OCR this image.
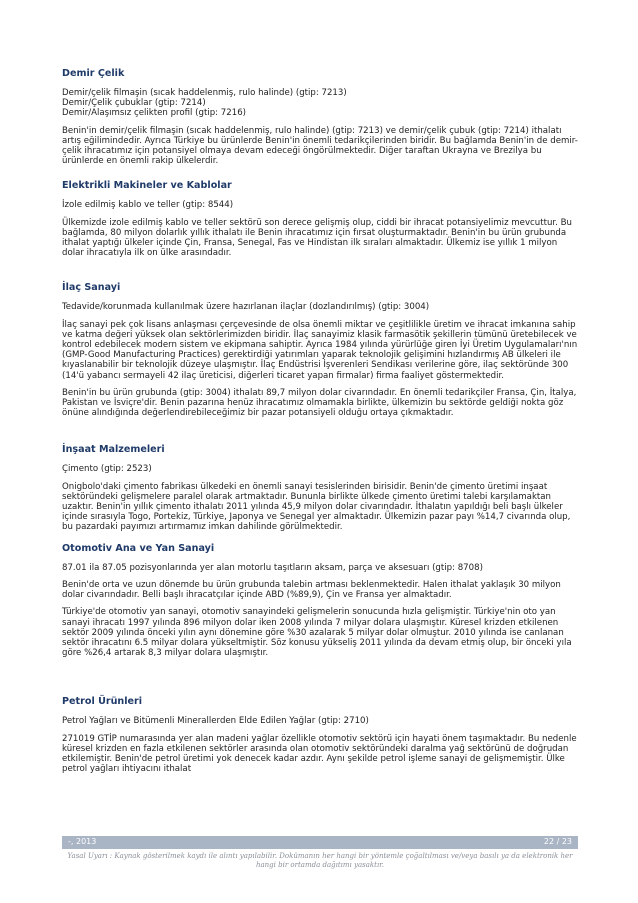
Demir Çelik

Demir/çelik filmaşin (sıcak haddelenmiş, rulo halinde) (gtip: 7213)

Demir/Çelik çubuklar (gtip: 7214)

Demir/Alaşımsız çelikten profil (gtip: 7216)

Benin'in demir/çelik filmaşin (sıcak haddelenmiş, rulo halinde) (gtip: 7213) ve demir/çelik çubuk (gtip: 7214) ithalatı artış eğilimindedir. Ayrıca Türkiye bu ürünlerde Benin'in önemli tedarikçilerinden biridir. Bu bağlamda Benin'in de demir-çelik ihracatımız için potansiyel olmaya devam edeceği öngörülmektedir. Diğer taraftan Ukrayna ve Brezilya bu ürünlerde en önemli rakip ülkelerdir.

Elektrikli Makineler ve Kablolar

İzole edilmiş kablo ve teller (gtip: 8544)

Ülkemizde izole edilmiş kablo ve teller sektörü son derece gelişmiş olup, ciddi bir ihracat potansiyelimiz mevcuttur. Bu bağlamda, 80 milyon dolarlık yıllık ithalatı ile Benin ihracatımız için fırsat oluşturmaktadır. Benin'in bu ürün grubunda ithalat yaptığı ülkeler içinde Çin, Fransa, Senegal, Fas ve Hindistan ilk sıraları almaktadır. Ülkemiz ise yıllık 1 milyon dolar ihracatıyla ilk on ülke arasındadır.

İlaç Sanayi

Tedavide/korunmada kullanılmak üzere hazırlanan ilaçlar (dozlandırılmış) (gtip: 3004)

İlaç sanayi pek çok lisans anlaşması çerçevesinde de olsa önemli miktar ve çeşitlilikle üretim ve ihracat imkanına sahip ve katma değeri yüksek olan sektörlerimizden biridir. İlaç sanayimiz klasik farmasötik şekillerin tümünü üretebilecek ve kontrol edebilecek modern sistem ve ekipmana sahiptir. Ayrıca 1984 yılında yürürlüğe giren İyi Üretim Uygulamaları'nın (GMP-Good Manufacturing Practices) gerektirdiği yatırımları yaparak teknolojik gelişimini hızlandırmış AB ülkeleri ile kıyaslanabilir bir teknolojik düzeye ulaşmıştır. İlaç Endüstrisi İşverenleri Sendikası verilerine göre, ilaç sektöründe 300 (14'ü yabancı sermayeli 42 ilaç üreticisi, diğerleri ticaret yapan firmalar) firma faaliyet göstermektedir.

Benin'in bu ürün grubunda (gtip: 3004) ithalatı 89,7 milyon dolar civarındadır. En önemli tedarikçiler Fransa, Çin, İtalya, Pakistan ve İsviçre'dir. Benin pazarına henüz ihracatımız olmamakla birlikte, ülkemizin bu sektörde geldiği nokta göz önüne alındığında değerlendirebileceğimiz bir pazar potansiyeli olduğu ortaya çıkmaktadır.

İnşaat Malzemeleri

Çimento (gtip: 2523)

Onigbolo'daki çimento fabrikası ülkedeki en önemli sanayi tesislerinden birisidir. Benin'de çimento üretimi inşaat sektöründeki gelişmelere paralel olarak artmaktadır. Bununla birlikte ülkede çimento üretimi talebi karşılamaktan uzaktır. Benin'in yıllık çimento ithalatı 2011 yılında 45,9 milyon dolar civarındadır. İthalatın yapıldığı beli başlı ülkeler içinde sırasıyla Togo, Portekiz, Türkiye, Japonya ve Senegal yer almaktadır. Ülkemizin pazar payı %14,7 civarında olup, bu pazardaki payımızı artırmamız imkan dahilinde görülmektedir.

Otomotiv Ana ve Yan Sanayi

87.01 ila 87.05 pozisyonlarında yer alan motorlu taşıtların aksam, parça ve aksesuarı (gtip: 8708)

Benin'de orta ve uzun dönemde bu ürün grubunda talebin artması beklenmektedir. Halen ithalat yaklaşık 30 milyon dolar civarındadır. Belli başlı ihracatçılar içinde ABD (%89,9), Çin ve Fransa yer almaktadır.

Türkiye'de otomotiv yan sanayi, otomotiv sanayindeki gelişmelerin sonucunda hızla gelişmiştir. Türkiye'nin oto yan sanayi ihracatı 1997 yılında 896 milyon dolar iken 2008 yılında 7 milyar dolara ulaşmıştır. Küresel krizden etkilenen sektör 2009 yılında önceki yılın aynı dönemine göre %30 azalarak 5 milyar dolar olmuştur. 2010 yılında ise canlanan sektör ihracatını 6.5 milyar dolara yükseltmiştir. Söz konusu yükseliş 2011 yılında da devam etmiş olup, bir önceki yıla göre %26,4 artarak 8,3 milyar dolara ulaşmıştır.

Petrol Ürünleri

Petrol Yağları ve Bitümenli Minerallerden Elde Edilen Yağlar (gtip: 2710)

271019 GTİP numarasında yer alan madeni yağlar özellikle otomotiv sektörü için hayati önem taşımaktadır. Bu nedenle küresel krizden en fazla etkilenen sektörler arasında olan otomotiv sektöründeki daralma yağ sektörünü de doğrudan etkilemiştir. Benin'de petrol üretimi yok denecek kadar azdır. Aynı şekilde petrol işleme sanayi de gelişmemiştir. Ülke petrol yağları ihtiyacını ithalat

-, 2013	22 / 23
Yasal Uyarı : Kaynak gösterilmek kaydı ile alıntı yapılabilir. Dokümanın her hangi bir yöntemle çoğaltılması ve/veya basılı ya da elektronik her hangi bir ortamda dağıtımı yasaktır.
